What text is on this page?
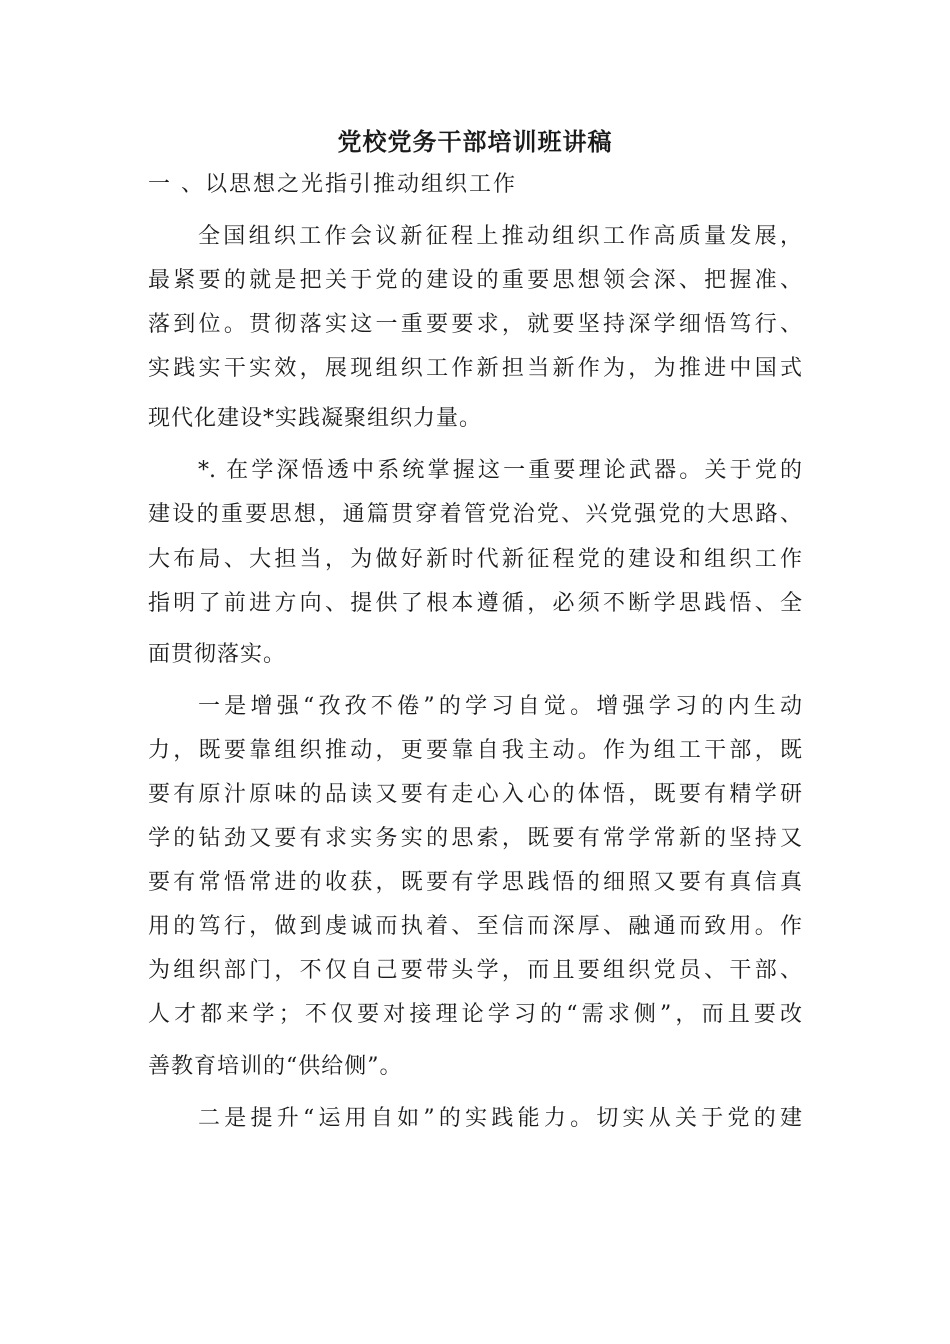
党校党务干部培训班讲稿
一 、以思想之光指引推动组织工作
全国组织工作会议新征程上推动组织工作高质量发展，
最紧要的就是把关于党的建设的重要思想领会深、把握准、
落到位。贯彻落实这一重要要求，就要坚持深学细悟笃行、
实践实干实效，展现组织工作新担当新作为，为推进中国式
现代化建设*实践凝聚组织力量。
*. 在学深悟透中系统掌握这一重要理论武器。关于党的
建设的重要思想，通篇贯穿着管党治党、兴党强党的大思路、
大布局、大担当，为做好新时代新征程党的建设和组织工作
指明了前进方向、提供了根本遵循，必须不断学思践悟、全
面贯彻落实。
一是增强“孜孜不倦”的学习自觉。增强学习的内生动
力，既要靠组织推动，更要靠自我主动。作为组工干部，既
要有原汁原味的品读又要有走心入心的体悟，既要有精学研
学的钻劲又要有求实务实的思索，既要有常学常新的坚持又
要有常悟常进的收获，既要有学思践悟的细照又要有真信真
用的笃行，做到虔诚而执着、至信而深厚、融通而致用。作
为组织部门，不仅自己要带头学，而且要组织党员、干部、
人才都来学；不仅要对接理论学习的“需求侧”，而且要改
善教育培训的“供给侧”。
二是提升“运用自如”的实践能力。切实从关于党的建
